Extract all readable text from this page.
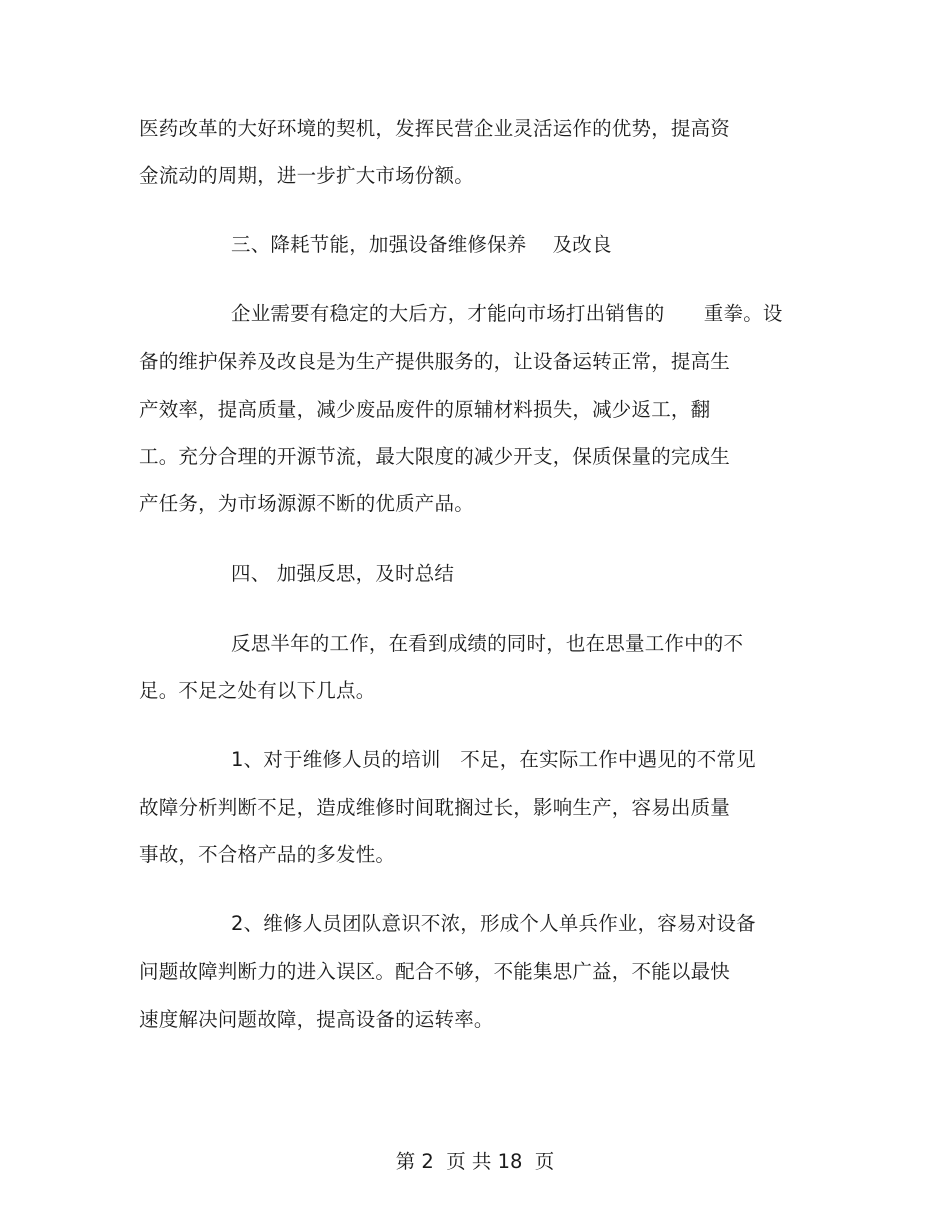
医药改革的大好环境的契机，发挥民营企业灵活运作的优势，提高资
金流动的周期，进一步扩大市场份额。
三、降耗节能，加强设备维修保养　 及改良
企业需要有稳定的大后方，才能向市场打出销售的　　重拳。设
备的维护保养及改良是为生产提供服务的，让设备运转正常，提高生
产效率，提高质量，减少废品废件的原辅材料损失，减少返工，翻
工。充分合理的开源节流，最大限度的减少开支，保质保量的完成生
产任务，为市场源源不断的优质产品。
四、 加强反思，及时总结
反思半年的工作，在看到成绩的同时，也在思量工作中的不
足。不足之处有以下几点。
1、对于维修人员的培训　不足，在实际工作中遇见的不常见
故障分析判断不足，造成维修时间耽搁过长，影响生产，容易出质量
事故，不合格产品的多发性。
2、维修人员团队意识不浓，形成个人单兵作业，容易对设备
问题故障判断力的进入误区。配合不够，不能集思广益，不能以最快
速度解决问题故障，提高设备的运转率。
第 2  页 共 18  页
